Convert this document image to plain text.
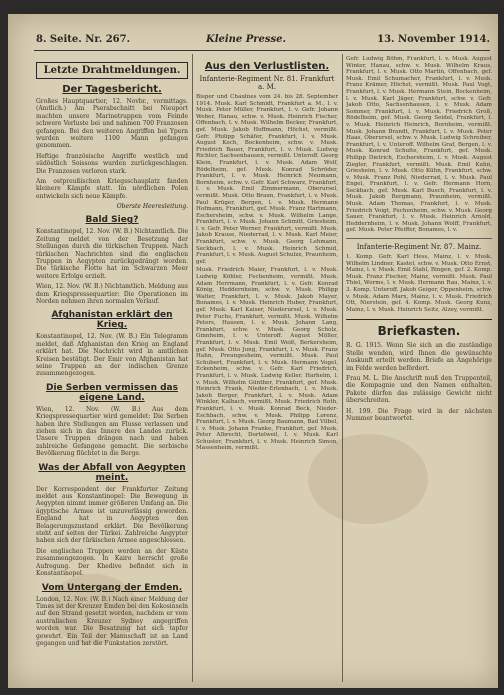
8. Seite. Nr. 267.	Kleine Presse.	13. November 1914.
Letzte Drahtmeldungen.
Der Tagesbericht.

Großes Hauptquartier, 12. Novbr., vormittags. (Amtlich.) Am Pserabschnitt bei Nieuport machten unsere Marinetruppen vom Feinde schwere Verluste bei und nahmen 700 Franzosen gefangen. Bei den weiteren Angriffen bei Ypern wurden weitere 1100 Mann gefangen genommen.

Heftige französische Angriffe westlich und südöstlich Soissons wurden zurückgeschlagen. Die Franzosen verloren stark.

Am ostpreußischen Kriegsschauplatz fanden kleinere Kämpfe statt. Im nördlichen Polen entwickeln sich neue Kämpfe.

Oberste Heeresleitung.
Bald Sieg?

Konstantinopel, 12. Nov. (W. B.) Nichtamtlich. Die Zeitung meldet von der Besetzung der Stellungen durch die türkischen Truppen. Nach türkischen Nachrichten sind die englischen Truppen in Aegypten zurückgedrängt worden. Die türkische Flotte hat im Schwarzen Meer weitere Erfolge erzielt.

Wien, 12. Nov. (W. B.) Nichtamtlich. Meldung aus dem Kriegspressequartier: Die Operationen im Norden nehmen ihren normalen Verlauf.

Afghanistan erklärt den Krieg.

Konstantinopel, 12. Nov. (W. B.) Ein Telegramm meldet, daß Afghanistan den Krieg an England erklärt hat. Die Nachricht wird in amtlichen Kreisen bestätigt. Der Emir von Afghanistan hat seine Truppen an der indischen Grenze zusammengezogen.

Die Serben vermissen das eigene Land.

Wien, 12. Nov. (W. B.) Aus dem Kriegspressequartier wird gemeldet: Die Serben haben ihre Stellungen am Flusse verlassen und ziehen sich in das Innere des Landes zurück. Unsere Truppen drängen nach und haben zahlreiche Gefangene gemacht. Die serbische Bevölkerung flüchtet in die Berge.

Was der Abfall von Aegypten meint.

Der Korrespondent der Frankfurter Zeitung meldet aus Konstantinopel: Die Bewegung in Aegypten nimmt immer größeren Umfang an. Die ägyptische Armee ist unzuverlässig geworden. England hat in Aegypten den Belagerungszustand erklärt. Die Bevölkerung steht auf seiten der Türkei. Zahlreiche Aegypter haben sich der türkischen Armee angeschlossen.

Die englischen Truppen werden an der Küste zusammengezogen. In Kairo herrscht große Aufregung. Der Khedive befindet sich in Konstantinopel.

Vom Untergang der Emden.

London, 12. Nov. (W. B.) Nach einer Meldung der Times ist der Kreuzer Emden bei den Kokosinseln auf den Strand gesetzt worden, nachdem er vom australischen Kreuzer Sydney angegriffen worden war. Die Besatzung hat sich tapfer gewehrt. Ein Teil der Mannschaft ist an Land gegangen und hat die Funkstation zerstört.

Aus den Verlustlisten.
Infanterie-Regiment Nr. 81. Frankfurt a. M.

Bisper und Chaulnes vom 24. bis 28. September 1914. Musk. Karl Schmidt, Frankfurt a. M., l. v. Musk. Peter Müller, Frankfurt, l. v. Gefr. Johann Weber, Hanau, schw. v. Musk. Heinrich Fischer, Offenbach, l. v. Musk. Wilhelm Becker, Frankfurt, gef. Musk. Jakob Hoffmann, Höchst, vermißt. Gefr. Philipp Schäfer, Frankfurt, l. v. Musk. August Koch, Bockenheim, schw. v. Musk. Friedrich Bauer, Frankfurt, l. v. Musk. Ludwig Richter, Sachsenhausen, vermißt. Unteroff. Georg Klein, Frankfurt, l. v. Musk. Adam Wolf, Rödelheim, gef. Musk. Konrad Schröder, Frankfurt, l. v. Musk. Heinrich Neumann, Bornheim, schw. v. Gefr. Karl Schwarz, Frankfurt, l. v. Musk. Emil Zimmermann, Oberursel, vermißt. Musk. Otto Braun, Frankfurt, l. v. Musk. Paul Krüger, Bergen, l. v. Musk. Hermann Hofmann, Frankfurt, gef. Musk. Franz Hartmann, Eschersheim, schw. v. Musk. Wilhelm Lange, Frankfurt, l. v. Musk. Johann Schmitt, Griesheim, l. v. Gefr. Peter Werner, Frankfurt, vermißt. Musk. Jakob Krause, Niederrad, l. v. Musk. Karl Meier, Frankfurt, schw. v. Musk. Georg Lehmann, Seckbach, l. v. Musk. Heinrich Schmid, Frankfurt, l. v. Musk. August Schulze, Praunheim, gef.

Musk. Friedrich Maier, Frankfurt, l. v. Musk. Ludwig Köhler, Fechenheim, vermißt. Musk. Adam Herrmann, Frankfurt, l. v. Gefr. Konrad König, Heddernheim, schw. v. Musk. Philipp Walter, Frankfurt, l. v. Musk. Jakob Mayer, Bonames, l. v. Musk. Heinrich Huber, Frankfurt, gef. Musk. Karl Kaiser, Niederursel, l. v. Musk. Peter Fuchs, Frankfurt, vermißt. Musk. Wilhelm Peters, Hausen, l. v. Musk. Johann Lang, Frankfurt, schw. v. Musk. Georg Scholz, Ginnheim, l. v. Unteroff. August Möller, Frankfurt, l. v. Musk. Emil Weiß, Berkersheim, gef. Musk. Otto Jung, Frankfurt, l. v. Musk. Franz Hahn, Preungesheim, vermißt. Musk. Paul Schubert, Frankfurt, l. v. Musk. Hermann Vogel, Eckenheim, schw. v. Gefr. Karl Friedrich, Frankfurt, l. v. Musk. Ludwig Keller, Harheim, l. v. Musk. Wilhelm Günther, Frankfurt, gef. Musk. Heinrich Frank, Nieder-Erlenbach, l. v. Musk. Jakob Berger, Frankfurt, l. v. Musk. Adam Winkler, Kalbach, vermißt. Musk. Friedrich Roth, Frankfurt, l. v. Musk. Konrad Beck, Nieder-Eschbach, schw. v. Musk. Philipp Lorenz, Frankfurt, l. v. Musk. Georg Baumann, Bad Vilbel, l. v. Musk. Johann Franke, Frankfurt, gef. Musk. Peter Albrecht, Dortelweil, l. v. Musk. Karl Schuster, Frankfurt, l. v. Musk. Heinrich Simon, Massenheim, vermißt.

Gefr. Ludwig Böhm, Frankfurt, l. v. Musk. August Winter, Hanau, schw. v. Musk. Wilhelm Kraus, Frankfurt, l. v. Musk. Otto Martin, Offenbach, gef. Musk. Emil Schumacher, Frankfurt, l. v. Musk. Franz Krämer, Höchst, vermißt. Musk. Paul Vogt, Frankfurt, l. v. Musk. Hermann Stein, Bockenheim, l. v. Musk. Karl Jäger, Frankfurt, schw. v. Gefr. Jakob Otto, Sachsenhausen, l. v. Musk. Adam Sommer, Frankfurt, l. v. Musk. Friedrich Groß, Rödelheim, gef. Musk. Georg Seidel, Frankfurt, l. v. Musk. Heinrich Heinrich, Bornheim, vermißt. Musk. Johann Brandt, Frankfurt, l. v. Musk. Peter Haas, Oberursel, schw. v. Musk. Ludwig Schreiber, Frankfurt, l. v. Unteroff. Wilhelm Graf, Bergen, l. v. Musk. Konrad Schulte, Frankfurt, gef. Musk. Philipp Dietrich, Eschersheim, l. v. Musk. August Ziegler, Frankfurt, vermißt. Musk. Emil Kuhn, Griesheim, l. v. Musk. Otto Kühn, Frankfurt, schw. v. Musk. Franz Pohl, Niederrad, l. v. Musk. Paul Engel, Frankfurt, l. v. Gefr. Hermann Horn, Seckbach, gef. Musk. Karl Busch, Frankfurt, l. v. Musk. Jakob Bergmann, Praunheim, vermißt. Musk. Adam Thomas, Frankfurt, l. v. Musk. Friedrich Voigt, Fechenheim, schw. v. Musk. Georg Sauer, Frankfurt, l. v. Musk. Heinrich Arnold, Heddernheim, l. v. Musk. Johann Wolff, Frankfurt, gef. Musk. Peter Pfeiffer, Bonames, l. v.

Infanterie-Regiment Nr. 87. Mainz.

1. Komp. Gefr. Karl Hess, Mainz, l. v. Musk. Wilhelm Lindner, Kastel, schw. v. Musk. Otto Ernst, Mainz, l. v. Musk. Emil Stahl, Bingen, gef. 2. Komp. Musk. Franz Fischer, Mainz, vermißt. Musk. Paul Thiel, Worms, l. v. Musk. Hermann Rau, Mainz, l. v. 3. Komp. Unteroff. Jakob Geiger, Oppenheim, schw. v. Musk. Adam Marx, Mainz, l. v. Musk. Friedrich Ott, Nierstein, gef. 4. Komp. Musk. Georg Kunz, Mainz, l. v. Musk. Heinrich Seitz, Alzey, vermißt.

Briefkasten.

R. G. 1915. Wenn Sie sich an die zuständige Stelle wenden, wird Ihnen die gewünschte Auskunft erteilt werden. Briefe an Angehörige im Felde werden befördert.

Frau M. L. Die Anschrift muß den Truppenteil, die Kompagnie und den Namen enthalten. Pakete dürfen das zulässige Gewicht nicht überschreiten.

H. 199. Die Frage wird in der nächsten Nummer beantwortet.
